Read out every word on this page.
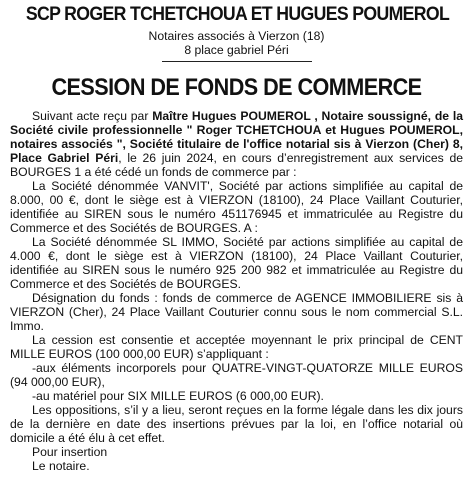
SCP ROGER TCHETCHOUA ET HUGUES POUMEROL
Notaires associés à Vierzon (18)
8 place gabriel Péri
CESSION DE FONDS DE COMMERCE

Suivant acte reçu par Maître Hugues POUMEROL , Notaire soussigné, de la Société civile professionnelle " Roger TCHETCHOUA et Hugues POUMEROL, notaires associés ", Société titulaire de l'office notarial sis à Vierzon (Cher) 8, Place Gabriel Péri, le 26 juin 2024, en cours d’enregistrement aux services de BOURGES 1 a été cédé un fonds de commerce par :

La Société dénommée VANVIT', Société par actions simplifiée au capital de 8.000, 00 €, dont le siège est à VIERZON (18100), 24 Place Vaillant Couturier, identifiée au SIREN sous le numéro 451176945 et immatriculée au Registre du Commerce et des Sociétés de BOURGES. A :

La Société dénommée SL IMMO, Société par actions simplifiée au capital de 4.000 €, dont le siège est à VIERZON (18100), 24 Place Vaillant Couturier, identifiée au SIREN sous le numéro 925 200 982 et immatriculée au Registre du Commerce et des Sociétés de BOURGES.

Désignation du fonds : fonds de commerce de AGENCE IMMOBILIERE sis à VIERZON (Cher), 24 Place Vaillant Couturier connu sous le nom commercial S.L. Immo.

La cession est consentie et acceptée moyennant le prix principal de CENT MILLE EUROS (100 000,00 EUR) s’appliquant :

-aux éléments incorporels pour QUATRE-VINGT-QUATORZE MILLE EUROS (94 000,00 EUR),

-au matériel pour SIX MILLE EUROS (6 000,00 EUR).

Les oppositions, s’il y a lieu, seront reçues en la forme légale dans les dix jours de la dernière en date des insertions prévues par la loi, en l’office notarial où domicile a été élu à cet effet.

Pour insertion

Le notaire.
